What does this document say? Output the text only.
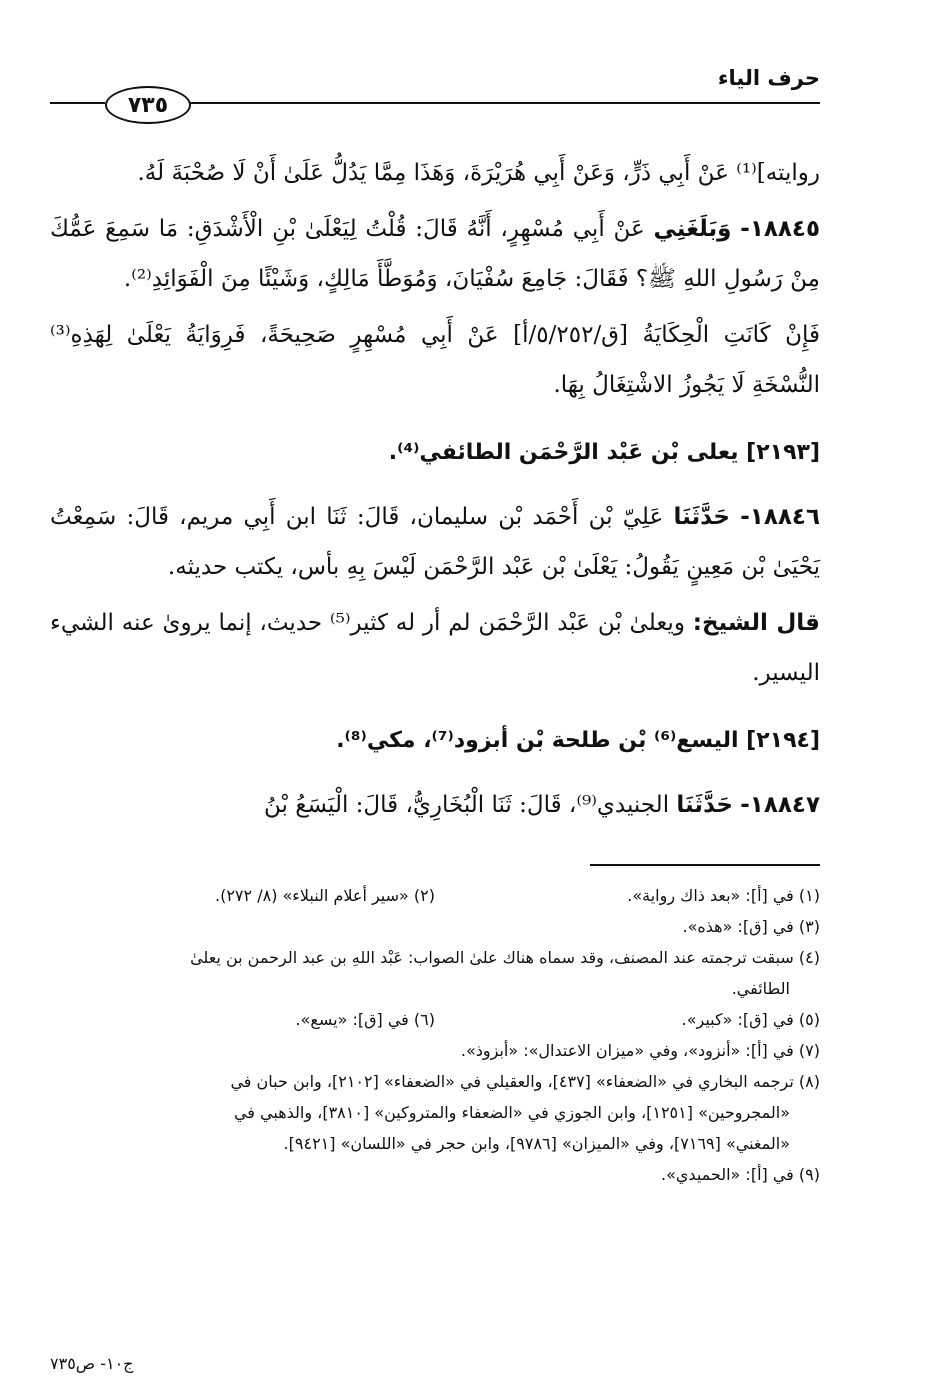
حرف الياء
٧٣٥

روايته]⁽¹⁾ عَنْ أَبِي ذَرٍّ، وَعَنْ أَبِي هُرَيْرَةَ، وَهَذَا مِمَّا يَدُلُّ عَلَىٰ أَنْ لَا صُحْبَةَ لَهُ.

١٨٨٤٥- وَبَلَغَنِي عَنْ أَبِي مُسْهِرٍ، أَنَّهُ قَالَ: قُلْتُ لِيَعْلَىٰ بْنِ الْأَشْدَقِ: مَا سَمِعَ عَمُّكَ مِنْ رَسُولِ اللهِ ﷺ؟ فَقَالَ: جَامِعَ سُفْيَانَ، وَمُوَطَّأَ مَالِكٍ، وَشَيْئًا مِنَ الْفَوَائِدِ⁽²⁾.

فَإِنْ كَانَتِ الْحِكَايَةُ [ق/٥/٢٥٢/أ] عَنْ أَبِي مُسْهِرٍ صَحِيحَةً، فَرِوَايَةُ يَعْلَىٰ لِهَذِهِ⁽³⁾ النُّسْخَةِ لَا يَجُوزُ الاشْتِغَالُ بِهَا.

[٢١٩٣] يعلى بْن عَبْد الرَّحْمَن الطائفي⁽⁴⁾.

١٨٨٤٦- حَدَّثَنَا عَلِيّ بْن أَحْمَد بْن سليمان، قَالَ: ثَنَا ابن أَبِي مريم، قَالَ: سَمِعْتُ يَحْيَىٰ بْن مَعِينٍ يَقُولُ: يَعْلَىٰ بْن عَبْد الرَّحْمَن لَيْسَ بِهِ بأس، يكتب حديثه.

قال الشيخ: ويعلىٰ بْن عَبْد الرَّحْمَن لم أر له كثير⁽⁵⁾ حديث، إنما يروىٰ عنه الشيء اليسير.

[٢١٩٤] اليسع⁽⁶⁾ بْن طلحة بْن أبزود⁽⁷⁾، مكي⁽⁸⁾.

١٨٨٤٧- حَدَّثَنَا الجنيدي⁽⁹⁾، قَالَ: ثَنَا الْبُخَارِيُّ، قَالَ: الْيَسَعُ بْنُ

(١) في [أ]: «بعد ذاك رواية».

(٢) «سير أعلام النبلاء» (٨/ ٢٧٢).

(٣) في [ق]: «هذه».

(٤) سبقت ترجمته عند المصنف، وقد سماه هناك علىٰ الصواب: عَبْد اللهِ بن عبد الرحمن بن يعلىٰ

الطائفي.

(٥) في [ق]: «كبير».

(٦) في [ق]: «يسع».

(٧) في [أ]: «أنزود»، وفي «ميزان الاعتدال»: «أبزوذ».

(٨) ترجمه البخاري في «الضعفاء» [٤٣٧]، والعقيلي في «الضعفاء» [٢١٠٢]، وابن حبان في

«المجروحين» [١٢٥١]، وابن الجوزي في «الضعفاء والمتروكين» [٣٨١٠]، والذهبي في

«المغني» [٧١٦٩]، وفي «الميزان» [٩٧٨٦]، وابن حجر في «اللسان» [٩٤٢١].

(٩) في [أ]: «الحميدي».

ج١٠- ص٧٣٥
